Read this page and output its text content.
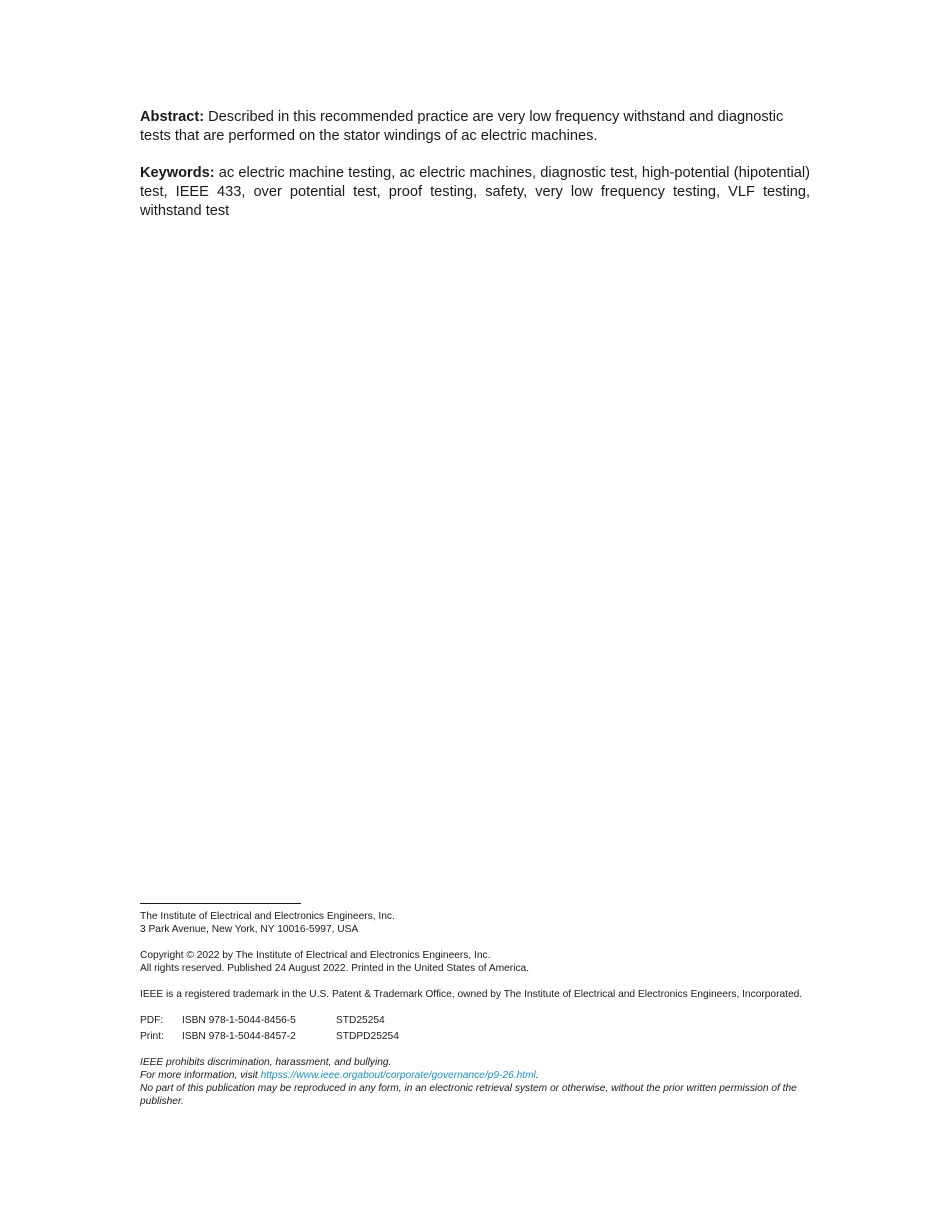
Abstract: Described in this recommended practice are very low frequency withstand and diagnostic tests that are performed on the stator windings of ac electric machines.

Keywords: ac electric machine testing, ac electric machines, diagnostic test, high-potential (hipotential) test, IEEE 433, over potential test, proof testing, safety, very low frequency testing, VLF testing, withstand test

The Institute of Electrical and Electronics Engineers, Inc.
3 Park Avenue, New York, NY 10016-5997, USA
Copyright © 2022 by The Institute of Electrical and Electronics Engineers, Inc.
All rights reserved. Published 24 August 2022. Printed in the United States of America.
IEEE is a registered trademark in the U.S. Patent & Trademark Office, owned by The Institute of Electrical and Electronics Engineers, Incorporated.
PDF:	ISBN 978-1-5044-8456-5	STD25254
Print:	ISBN 978-1-5044-8457-2	STDPD25254
IEEE prohibits discrimination, harassment, and bullying.
For more information, visit httpss://www.ieee.orgabout/corporate/governance/p9-26.html.
No part of this publication may be reproduced in any form, in an electronic retrieval system or otherwise, without the prior written permission of the publisher.
